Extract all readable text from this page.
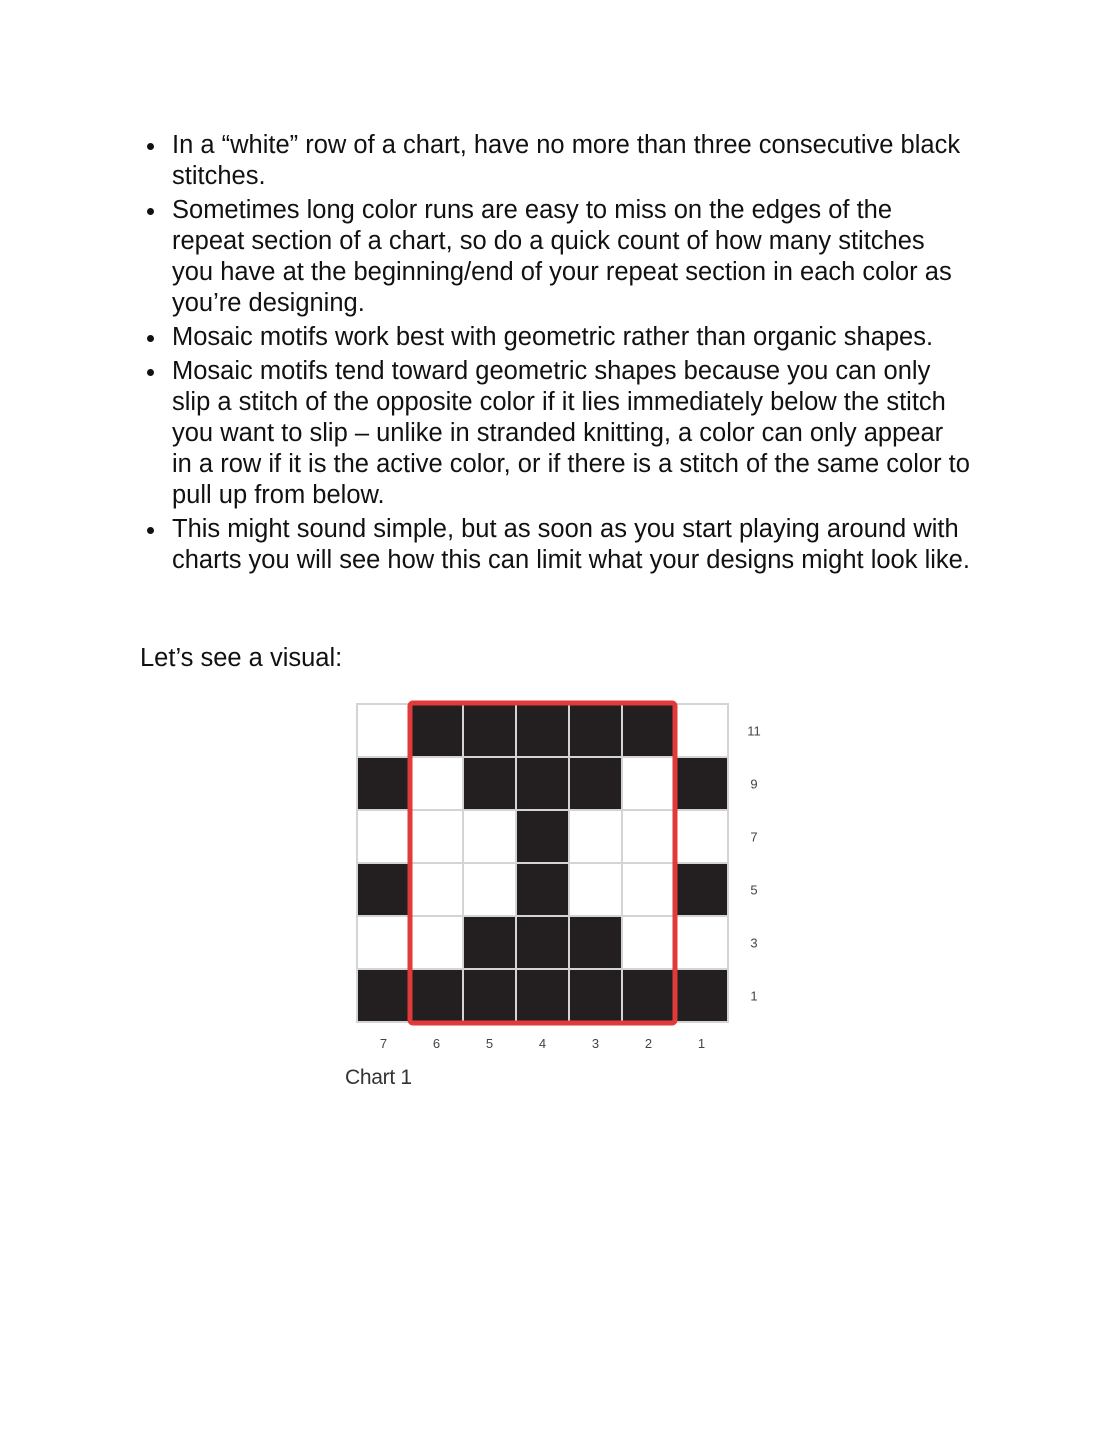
In a “white” row of a chart, have no more than three consecutive black stitches.
Sometimes long color runs are easy to miss on the edges of the repeat section of a chart, so do a quick count of how many stitches you have at the beginning/end of your repeat section in each color as you’re designing.
Mosaic motifs work best with geometric rather than organic shapes.
Mosaic motifs tend toward geometric shapes because you can only slip a stitch of the opposite color if it lies immediately below the stitch you want to slip – unlike in stranded knitting, a color can only appear in a row if it is the active color, or if there is a stitch of the same color to pull up from below.
This might sound simple, but as soon as you start playing around with charts you will see how this can limit what your designs might look like.

Let’s see a visual:

7	6	5	4	3	2	1
11
9
7
5
3
1

Chart 1
